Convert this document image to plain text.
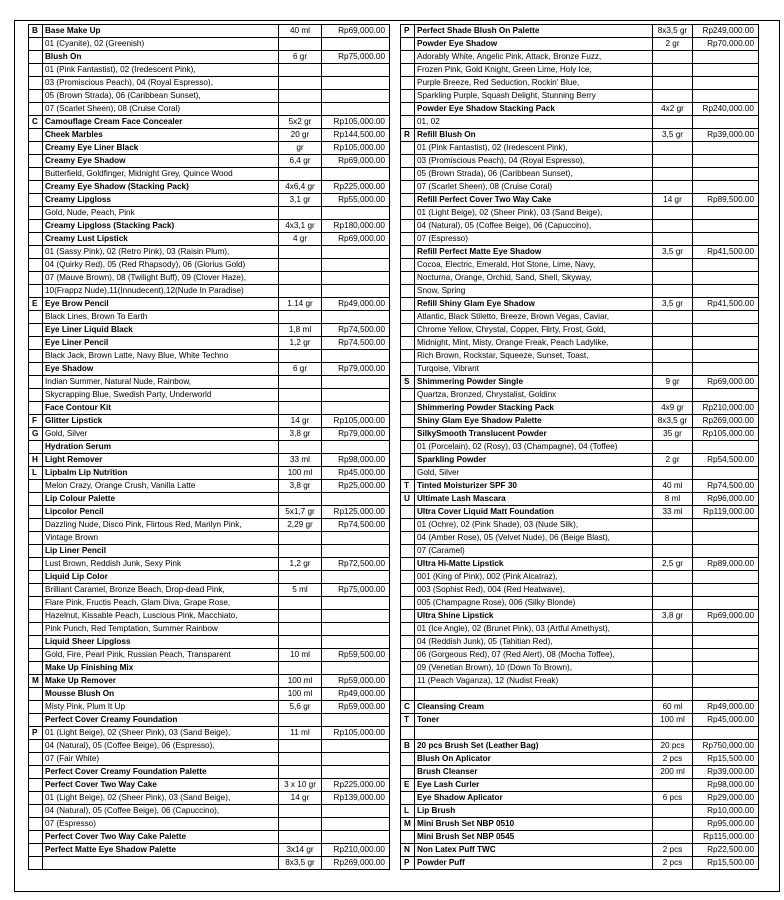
B	Base Make Up	40 ml	Rp69,000.00
	01 (Cyanite), 02 (Greenish)		
	Blush On	6 gr	Rp75,000.00
	01 (Pink Fantastist), 02 (Iredescent Pink),		
	03 (Promiscious Peach), 04 (Royal Espresso),		
	05 (Brown Strada), 06 (Caribbean Sunset),		
	07 (Scarlet Sheen), 08 (Cruise Coral)		
C	Camouflage Cream Face Concealer	5x2 gr	Rp105,000.00
	Cheek Marbles	20 gr	Rp144,500.00
	Creamy Eye Liner Black	gr	Rp105,000.00
	Creamy Eye Shadow	6,4 gr	Rp69,000.00
	Butterfield, Goldfinger, Midnight Grey, Quince Wood		
	Creamy Eye Shadow (Stacking Pack)	4x6,4 gr	Rp225,000.00
	Creamy Lipgloss	3,1 gr	Rp55,000.00
	Gold, Nude, Peach, Pink		
	Creamy Lipgloss (Stacking Pack)	4x3,1 gr	Rp180,000.00
	Creamy Lust Lipstick	4 gr	Rp69,000.00
	01 (Sassy Pink), 02 (Retro Pink), 03 (Raisin Plum),		
	04 (Quirky Red), 05 (Red Rhapsody), 06 (Glorius Gold)		
	07 (Mauve Brown), 08 (Twilight Buff), 09 (Clover Haze),		
	10(Frappz Nude),11(Innudecent),12(Nude In Paradise)		
E	Eye Brow Pencil	1.14 gr	Rp49,000.00
	Black Lines, Brown To Earth		
	Eye Liner Liquid Black	1,8 ml	Rp74,500.00
	Eye Liner Pencil	1,2 gr	Rp74,500.00
	Black Jack, Brown Latte, Navy Blue, White Techno		
	Eye Shadow	6 gr	Rp79,000.00
	Indian Summer, Natural Nude, Rainbow,		
	Skycrapping Blue, Swedish Party, Underworld		
	Face Contour Kit		
F	Glitter Lipstick	14 gr	Rp105,000.00
G	Gold, Silver	3,8 gr	Rp79,000.00
	Hydration Serum		
H	Light Remover	33 ml	Rp98,000.00
L	Lipbalm Lip Nutrition	100 ml	Rp45,000.00
	Melon Crazy, Orange Crush, Vanilla Latte	3,8 gr	Rp25,000.00
	Lip Colour Palette		
	Lipcolor Pencil	5x1,7 gr	Rp125,000.00
	Dazzling Nude, Disco Pink, Flirtous Red, Marilyn Pink,	2,29 gr	Rp74,500.00
	Vintage Brown		
	Lip Liner Pencil		
	Lust Brown, Reddish Junk, Sexy Pink	1,2 gr	Rp72,500.00
	Liquid Lip Color		
	Brilliant Caramel, Bronze Beach, Drop-dead Pink,	5 ml	Rp75,000.00
	Flare Pink, Fructis Peach, Glam Diva, Grape Rose,		
	Hazelnut, Kissable Peach, Luscious Pink, Macchiato,		
	Pink Punch, Red Temptation, Summer Rainbow		
	Liquid Sheer Lipgloss		
	Gold, Fire, Pearl Pink, Russian Peach, Transparent	10 ml	Rp59,500.00
	Make Up Finishing Mix		
M	Make Up Remover	100 ml	Rp59,000.00
	Mousse Blush On	100 ml	Rp49,000.00
	Misty Pink, Plum It Up	5,6 gr	Rp59,000.00
	Perfect Cover Creamy Foundation		
P	01 (Light Beige), 02 (Sheer Pink), 03 (Sand Beige),	11 ml	Rp105,000.00
	04 (Natural), 05 (Coffee Beige), 06 (Espresso),		
	07 (Fair White)		
	Perfect Cover Creamy Foundation Palette		
	Perfect Cover Two Way Cake	3 x 10 gr	Rp225,000.00
	01 (Light Beige), 02 (Sheer Pink), 03 (Sand Beige),	14 gr	Rp139,000.00
	04 (Natural), 05 (Coffee Beige), 06 (Capuccino),		
	07 (Espresso)		
	Perfect Cover Two Way Cake Palette		
	Perfect Matte Eye Shadow Palette	3x14 gr	Rp210,000.00
		8x3,5 gr	Rp269,000.00
P	Perfect Shade Blush On Palette	8x3,5 gr	Rp249,000.00
	Powder Eye Shadow	2 gr	Rp70,000.00
	Adorably White, Angelic Pink, Attack, Bronze Fuzz,		
	Frozen Pink, Gold Knight, Green Lime, Holy Ice,		
	Purple Breeze, Red Seduction, Rockin' Blue,		
	Sparkling Purple, Squash Delight, Stunning Berry		
	Powder Eye Shadow Stacking Pack	4x2 gr	Rp240,000.00
	01, 02		
R	Refill Blush On	3,5 gr	Rp39,000.00
	01 (Pink Fantastist), 02 (Iredescent Pink),		
	03 (Promiscious Peach), 04 (Royal Espresso),		
	05 (Brown Strada), 06 (Caribbean Sunset),		
	07 (Scarlet Sheen), 08 (Cruise Coral)		
	Refill Perfect Cover Two Way Cake	14 gr	Rp89,500.00
	01 (Light Beige), 02 (Sheer Pink), 03 (Sand Beige),		
	04 (Natural), 05 (Coffee Beige), 06 (Capuccino),		
	07 (Espresso)		
	Refill Perfect Matte Eye Shadow	3,5 gr	Rp41,500.00
	Cocoa, Electric, Emerald, Hot Stone, Lime, Navy,		
	Nocturna, Orange, Orchid, Sand, Shell, Skyway,		
	Snow, Spring		
	Refill Shiny Glam Eye Shadow	3,5 gr	Rp41,500.00
	Atlantic, Black Stiletto, Breeze, Brown Vegas, Caviar,		
	Chrome Yellow, Chrystal, Copper, Flirty, Frost, Gold,		
	Midnight, Mint, Misty, Orange Freak, Peach Ladylike,		
	Rich Brown, Rockstar, Squeeze, Sunset, Toast,		
	Turqoise, Vibrant		
S	Shimmering Powder Single	9 gr	Rp69,000.00
	Quartza, Bronzed, Chrystalist, Goldinx		
	Shimmering Powder Stacking Pack	4x9 gr	Rp210,000.00
	Shiny Glam Eye Shadow Palette	8x3,5 gr	Rp269,000.00
	SilkySmooth Translucent Powder	35 gr	Rp105,000.00
	01 (Porcelain), 02 (Rosy), 03 (Champagne), 04 (Toffee)		
	Sparkling Powder	2 gr	Rp54,500.00
	Gold, Silver		
T	Tinted Moisturizer SPF 30	40 ml	Rp74,500.00
U	Ultimate Lash Mascara	8 ml	Rp96,000.00
	Ultra Cover Liquid Matt Foundation	33 ml	Rp119,000.00
	01 (Ochre), 02 (Pink Shade), 03 (Nude Silk),		
	04 (Amber Rose), 05 (Velvet Nude), 06 (Beige Blast),		
	07 (Caramel)		
	Ultra Hi-Matte Lipstick	2,5 gr	Rp89,000.00
	001 (King of Pink), 002 (Pink Alcatraz),		
	003 (Sophist Red), 004 (Red Heatwave),		
	005 (Champagne Rose), 006 (Silky Blonde)		
	Ultra Shine Lipstick	3,8 gr	Rp69,000.00
	01 (Ice Angle), 02 (Brunet Pink), 03 (Artful Amethyst),		
	04 (Reddish Junk), 05 (Tahitian Red),		
	06 (Gorgeous Red), 07 (Red Alert), 08 (Mocha Toffee),		
	09 (Venetian Brown), 10 (Down To Brown),		
	11 (Peach Vaganza), 12 (Nudist Freak)		

C	Cleansing Cream	60 ml	Rp49,000.00
T	Toner	100 ml	Rp45,000.00

B	20 pcs Brush Set (Leather Bag)	20 pcs	Rp750,000.00
	Blush On Aplicator	2 pcs	Rp15,500.00
	Brush Cleanser	200 ml	Rp39,000.00
E	Eye Lash Curler		Rp98,000.00
	Eye Shadow Aplicator	6 pcs	Rp29,000.00
L	Lip Brush		Rp10,000.00
M	Mini Brush Set NBP 0510		Rp95,000.00
	Mini Brush Set NBP 0545		Rp115,000.00
N	Non Latex Puff TWC	2 pcs	Rp22,500.00
P	Powder Puff	2 pcs	Rp15,500.00
